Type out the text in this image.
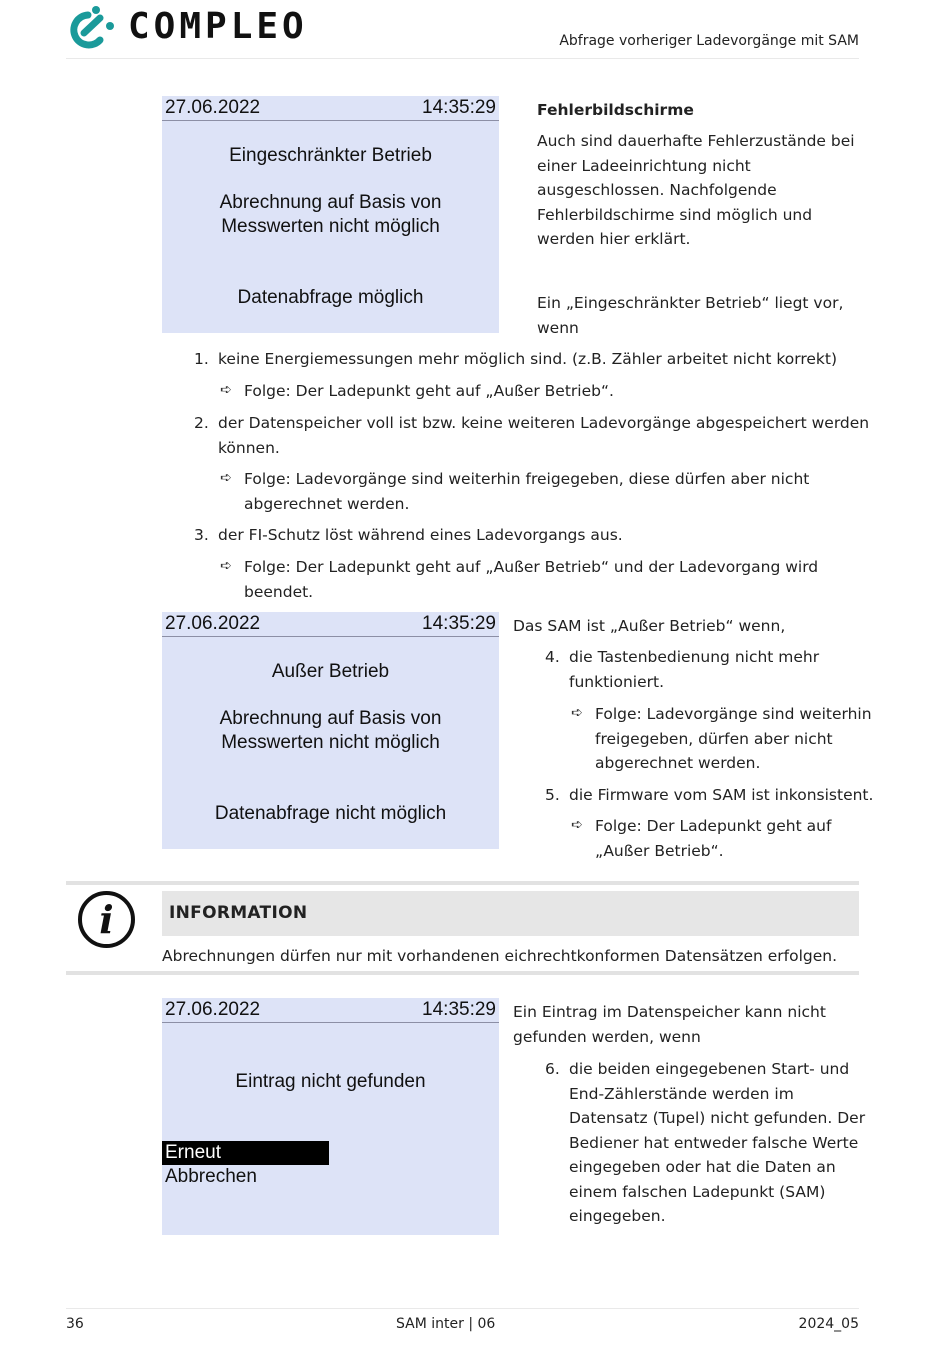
COMPLEO	Abfrage vorheriger Ladevorgänge mit SAM
27.06.2022	14:35:29
Eingeschränkter Betrieb
Abrechnung auf Basis von
Messwerten nicht möglich
Datenabfrage möglich
Fehlerbildschirme
Auch sind dauerhafte Fehlerzustände bei
einer Ladeeinrichtung nicht
ausgeschlossen. Nachfolgende
Fehlerbildschirme sind möglich und
werden hier erklärt.
Ein „Eingeschränkter Betrieb“ liegt vor,
wenn
1. keine Energiemessungen mehr möglich sind. (z.B. Zähler arbeitet nicht korrekt)
➪ Folge: Der Ladepunkt geht auf „Außer Betrieb“.
2. der Datenspeicher voll ist bzw. keine weiteren Ladevorgänge abgespeichert werden
können.
➪ Folge: Ladevorgänge sind weiterhin freigegeben, diese dürfen aber nicht
abgerechnet werden.
3. der FI-Schutz löst während eines Ladevorgangs aus.
➪ Folge: Der Ladepunkt geht auf „Außer Betrieb“ und der Ladevorgang wird
beendet.
27.06.2022	14:35:29
Außer Betrieb
Abrechnung auf Basis von
Messwerten nicht möglich
Datenabfrage nicht möglich
Das SAM ist „Außer Betrieb“ wenn,
4. die Tastenbedienung nicht mehr
funktioniert.
➪ Folge: Ladevorgänge sind weiterhin
freigegeben, dürfen aber nicht
abgerechnet werden.
5. die Firmware vom SAM ist inkonsistent.
➪ Folge: Der Ladepunkt geht auf
„Außer Betrieb“.
i	INFORMATION
Abrechnungen dürfen nur mit vorhandenen eichrechtkonformen Datensätzen erfolgen.
27.06.2022	14:35:29
Eintrag nicht gefunden
Erneut
Abbrechen
Ein Eintrag im Datenspeicher kann nicht
gefunden werden, wenn
6. die beiden eingegebenen Start- und
End-Zählerstände werden im
Datensatz (Tupel) nicht gefunden. Der
Bediener hat entweder falsche Werte
eingegeben oder hat die Daten an
einem falschen Ladepunkt (SAM)
eingegeben.
36	SAM inter | 06	2024_05
